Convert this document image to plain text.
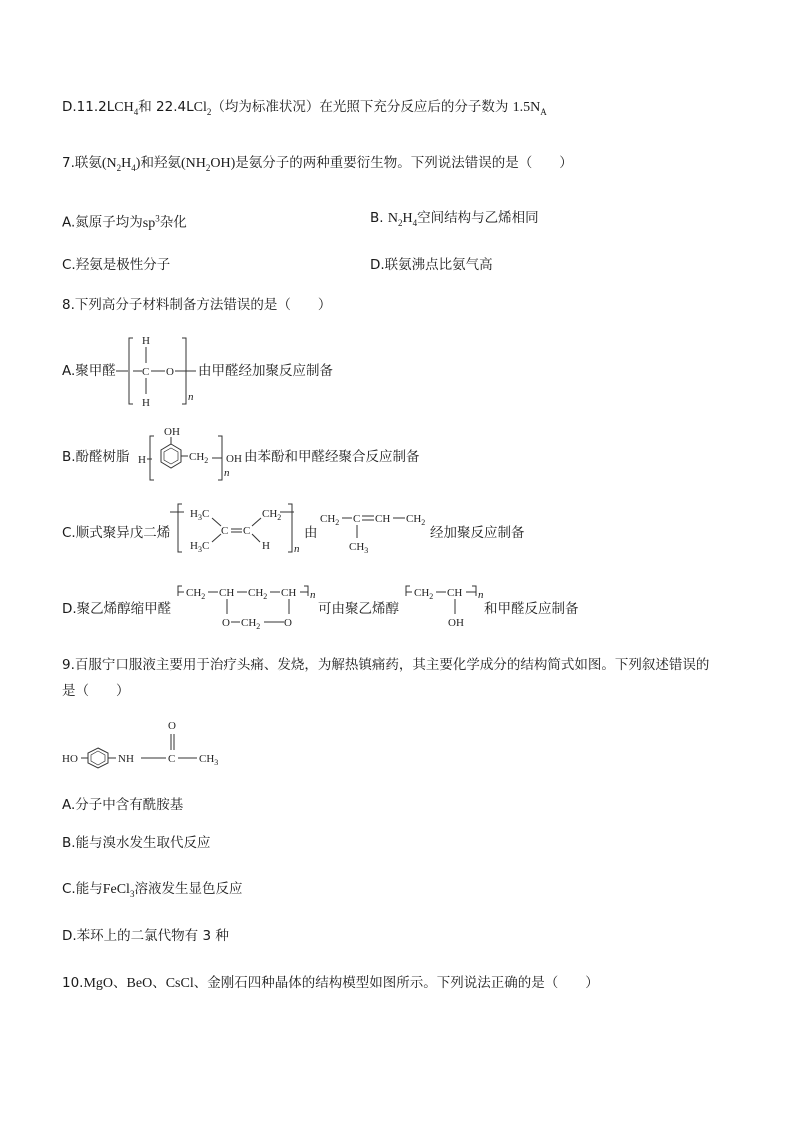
$D.11.2LCH_4$和 22.4LCl$_2$（均为标准状况）在光照下充分反应后的分子数为 $1.5N_A$
7.联氨$(N_2H_4)$和羟氨$(NH_2OH)$是氨分子的两种重要衍生物。下列说法错误的是（　　）
A.氮原子均为$sp^3$杂化	B. $N_2H_4$空间结构与乙烯相同
C.羟氨是极性分子	D.联氨沸点比氨气高
8.下列高分子材料制备方法错误的是（　　）
A.聚甲醛
H
C O
H	n
由甲醛经加聚反应制备
B.酚醛树脂 H
OH
$CH_2$
n
OH 由苯酚和甲醛经聚合反应制备
C.顺式聚异戊二烯
$H_3C$
$H_3C$
C C
$CH_2$
H n
由
$CH_2$ C CH $CH_2$
$CH_3$
经加聚反应制备
D.聚乙烯醇缩甲醛
$CH_2$ CH $CH_2$ CH n
O $CH_2$ O
可由聚乙烯醇
$CH_2$ CH n
OH
和甲醛反应制备
9.百服宁口服液主要用于治疗头痛、发烧，为解热镇痛药，其主要化学成分的结构简式如图。下列叙述错误的
是（　　）
HO	NH	C
O
$CH_3$
A.分子中含有酰胺基
B.能与溴水发生取代反应
C.能与FeCl$_3$溶液发生显色反应
D.苯环上的二氯代物有 3 种
10.MgO、BeO、CsCl、金刚石四种晶体的结构模型如图所示。下列说法正确的是（　　）
